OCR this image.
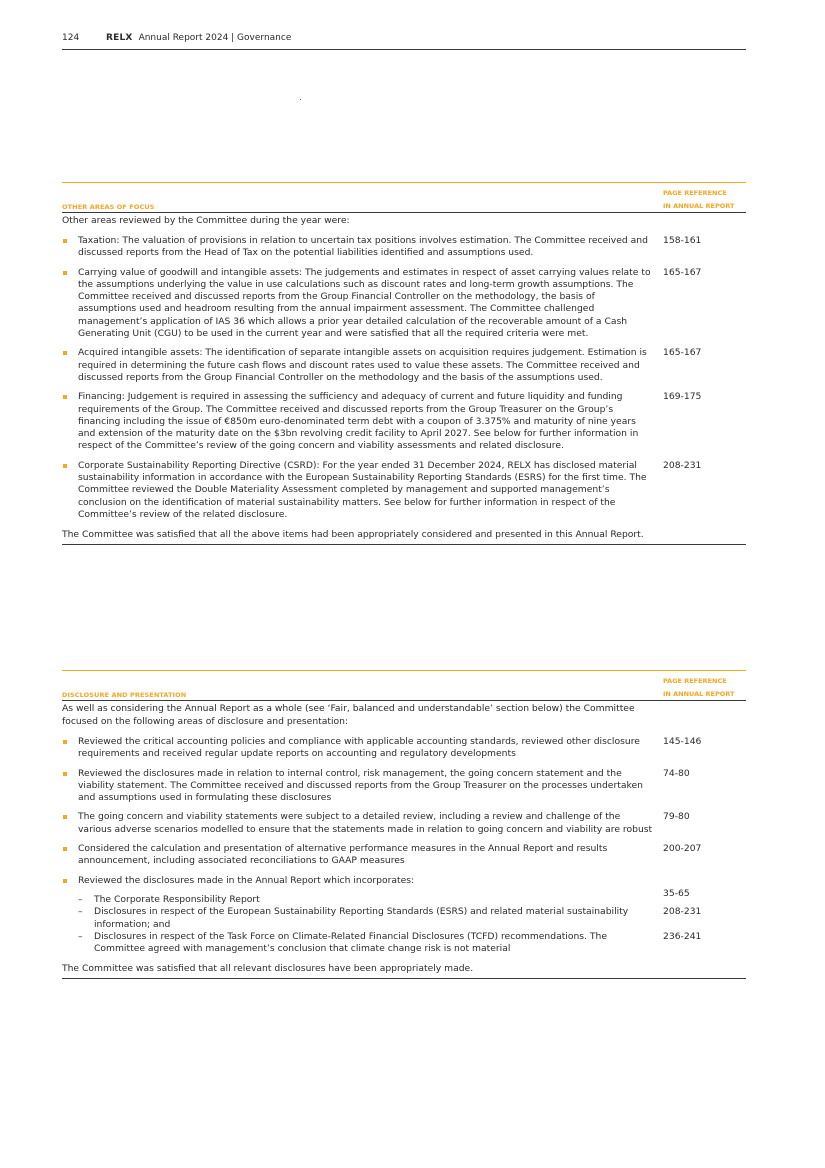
124	RELX Annual Report 2024 | Governance
OTHER AREAS OF FOCUS
PAGE REFERENCE
IN ANNUAL REPORT

Other areas reviewed by the Committee during the year were:

Taxation: The valuation of provisions in relation to uncertain tax positions involves estimation. The Committee received and discussed reports from the Head of Tax on the potential liabilities identified and assumptions used.

158-161

Carrying value of goodwill and intangible assets: The judgements and estimates in respect of asset carrying values relate to the assumptions underlying the value in use calculations such as discount rates and long-term growth assumptions. The Committee received and discussed reports from the Group Financial Controller on the methodology, the basis of assumptions used and headroom resulting from the annual impairment assessment. The Committee challenged management’s application of IAS 36 which allows a prior year detailed calculation of the recoverable amount of a Cash Generating Unit (CGU) to be used in the current year and were satisfied that all the required criteria were met.

165-167

Acquired intangible assets: The identification of separate intangible assets on acquisition requires judgement. Estimation is required in determining the future cash flows and discount rates used to value these assets. The Committee received and discussed reports from the Group Financial Controller on the methodology and the basis of the assumptions used.

165-167

Financing: Judgement is required in assessing the sufficiency and adequacy of current and future liquidity and funding requirements of the Group. The Committee received and discussed reports from the Group Treasurer on the Group’s financing including the issue of €850m euro-denominated term debt with a coupon of 3.375% and maturity of nine years and extension of the maturity date on the $3bn revolving credit facility to April 2027. See below for further information in respect of the Committee’s review of the going concern and viability assessments and related disclosure.

169-175

Corporate Sustainability Reporting Directive (CSRD): For the year ended 31 December 2024, RELX has disclosed material sustainability information in accordance with the European Sustainability Reporting Standards (ESRS) for the first time. The Committee reviewed the Double Materiality Assessment completed by management and supported management’s conclusion on the identification of material sustainability matters. See below for further information in respect of the Committee’s review of the related disclosure.

208-231

The Committee was satisfied that all the above items had been appropriately considered and presented in this Annual Report.

DISCLOSURE AND PRESENTATION
PAGE REFERENCE
IN ANNUAL REPORT

As well as considering the Annual Report as a whole (see ‘Fair, balanced and understandable’ section below) the Committee focused on the following areas of disclosure and presentation:

Reviewed the critical accounting policies and compliance with applicable accounting standards, reviewed other disclosure requirements and received regular update reports on accounting and regulatory developments

145-146

Reviewed the disclosures made in relation to internal control, risk management, the going concern statement and the viability statement. The Committee received and discussed reports from the Group Treasurer on the processes undertaken and assumptions used in formulating these disclosures

74-80

The going concern and viability statements were subject to a detailed review, including a review and challenge of the various adverse scenarios modelled to ensure that the statements made in relation to going concern and viability are robust

79-80

Considered the calculation and presentation of alternative performance measures in the Annual Report and results announcement, including associated reconciliations to GAAP measures

200-207

Reviewed the disclosures made in the Annual Report which incorporates:

– The Corporate Responsibility Report

35-65
– Disclosures in respect of the European Sustainability Reporting Standards (ESRS) and related material sustainability information; and

208-231
– Disclosures in respect of the Task Force on Climate-Related Financial Disclosures (TCFD) recommendations. The Committee agreed with management’s conclusion that climate change risk is not material

236-241

The Committee was satisfied that all relevant disclosures have been appropriately made.
